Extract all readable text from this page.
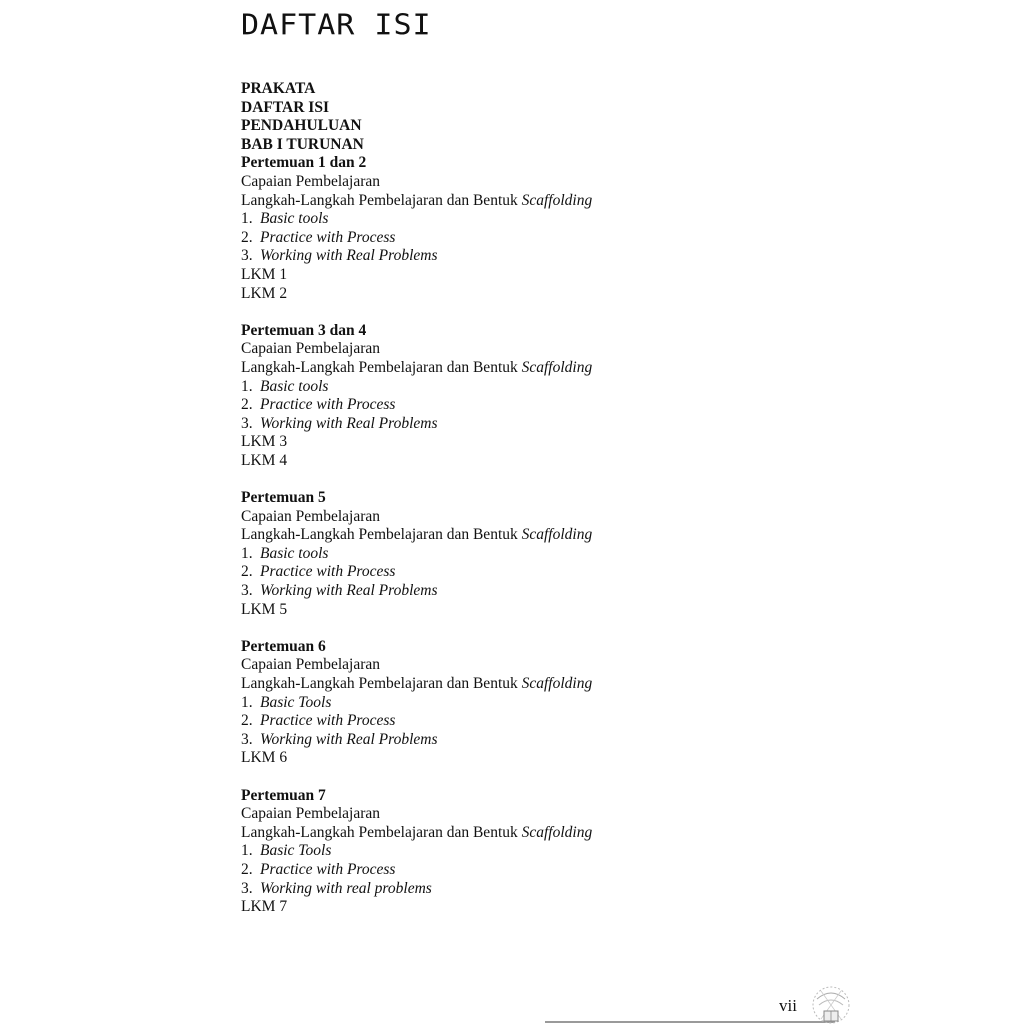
DAFTAR ISI
PRAKATA
DAFTAR ISI
PENDAHULUAN
BAB I TURUNAN
Pertemuan 1 dan 2
Capaian Pembelajaran
Langkah-Langkah Pembelajaran dan Bentuk Scaffolding
1. Basic tools
2. Practice with Process
3. Working with Real Problems
LKM 1
LKM 2
Pertemuan 3 dan 4
Capaian Pembelajaran
Langkah-Langkah Pembelajaran dan Bentuk Scaffolding
1. Basic tools
2. Practice with Process
3. Working with Real Problems
LKM 3
LKM 4
Pertemuan 5
Capaian Pembelajaran
Langkah-Langkah Pembelajaran dan Bentuk Scaffolding
1. Basic tools
2. Practice with Process
3. Working with Real Problems
LKM 5
Pertemuan 6
Capaian Pembelajaran
Langkah-Langkah Pembelajaran dan Bentuk Scaffolding
1. Basic Tools
2. Practice with Process
3. Working with Real Problems
LKM 6
Pertemuan 7
Capaian Pembelajaran
Langkah-Langkah Pembelajaran dan Bentuk Scaffolding
1. Basic Tools
2. Practice with Process
3. Working with real problems
LKM 7
vii
